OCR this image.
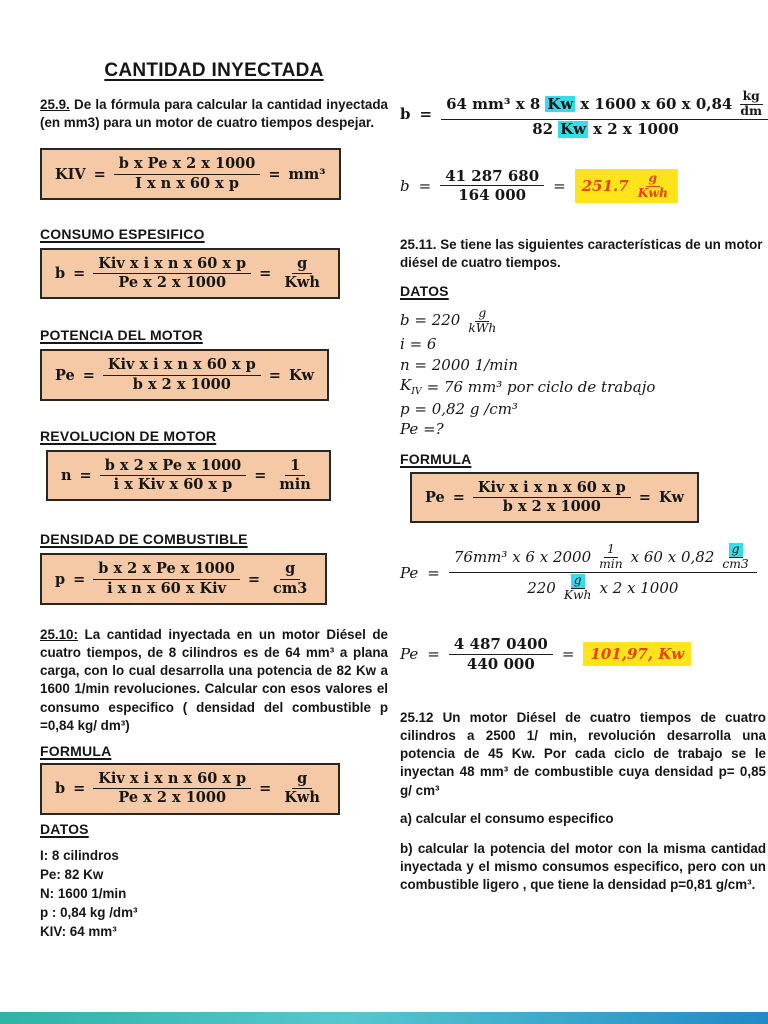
CANTIDAD INYECTADA
25.9. De la fórmula para calcular la cantidad inyectada (en mm3) para un motor de cuatro tiempos despejar.
KIV = $\frac{\text{b x Pe x 2 x 1000}}{\text{I x n x 60 x p}} = mm^3$
CONSUMO ESPESIFICO
$b = \frac{\text{Kiv x i x n x 60 x p}}{\text{Pe x 2 x 1000}} = \frac{g}{\text{Kwh}}$
POTENCIA DEL MOTOR
$Pe = \frac{\text{Kiv x i x n x 60 x p}}{\text{b x 2 x 1000}} = Kw$
REVOLUCION DE MOTOR
$n = \frac{\text{b x 2 x Pe x 1000}}{\text{i x Kiv x 60 x p}} = \frac{1}{\min}$
DENSIDAD DE COMBUSTIBLE
$p = \frac{\text{b x 2 x Pe x 1000}}{\text{i x n x 60 x Kiv}} = \frac{g}{cm3}$
25.10: La cantidad inyectada en un motor Diésel de cuatro tiempos, de 8 cilindros es de 64 mm³ a plana carga, con lo cual desarrolla una potencia de 82 Kw a 1600 1/min revoluciones. Calcular con esos valores el consumo especifico ( densidad del combustible p =0,84 kg/ dm³)
FORMULA
$b = \frac{\text{Kiv x i x n x 60 x p}}{\text{Pe x 2 x 1000}} = \frac{g}{\text{Kwh}}$
DATOS
I: 8 cilindros
Pe: 82 Kw
N: 1600 1/min
p : 0,84 kg /dm³
KIV: 64 mm³
b =
64 mm³ x 8 Kw x 1600 x 60 x $0,84 \frac{kg}{dm}$
82 Kw x 2 x 1000
$b = \frac{41 287 680}{164 000} = 251.7 \frac{g}{\text{Kwh}}$
25.11. Se tiene las siguientes características de un motor diésel de cuatro tiempos.
DATOS
$b = 220 \frac{g}{\text{kWh}}$
i = 6
n = 2000 1/min
$K_{IV} = 76$ mm³ por ciclo de trabajo
p = 0,82 g /cm³
Pe =?
FORMULA
$Pe = \frac{\text{Kiv x i x n x 60 x p}}{\text{b x 2 x 1000}} = Kw$
Pe =
76mm³ x 6 x $2000 \frac{1}{\min}$ x 60 x $0,82 \frac{g}{cm3}$
$220 \frac{g}{\text{Kwh}}$ x 2 x 1000
$Pe = \frac{4 487 0400}{440 000} = 101,97$, Kw
25.12 Un motor Diésel de cuatro tiempos de cuatro cilindros a 2500 1/ min, revolución desarrolla una potencia de 45 Kw. Por cada ciclo de trabajo se le inyectan 48 mm³ de combustible cuya densidad p= 0,85 g/ cm³
a) calcular el consumo especifico
b) calcular la potencia del motor con la misma cantidad inyectada y el mismo consumos especifico, pero con un combustible ligero , que tiene la densidad p=0,81 g/cm³.
